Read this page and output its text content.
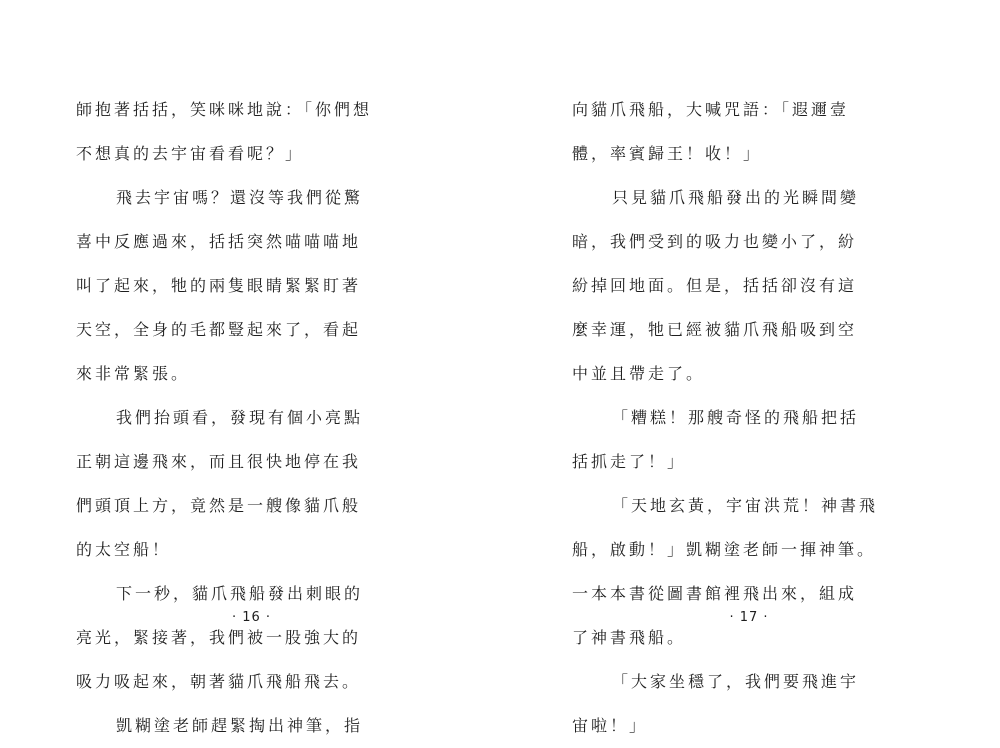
師抱著括括，笑咪咪地說：「你們想
不想真的去宇宙看看呢？」
飛去宇宙嗎？還沒等我們從驚
喜中反應過來，括括突然喵喵喵地
叫了起來，牠的兩隻眼睛緊緊盯著
天空，全身的毛都豎起來了，看起
來非常緊張。
我們抬頭看，發現有個小亮點
正朝這邊飛來，而且很快地停在我
們頭頂上方，竟然是一艘像貓爪般
的太空船！
下一秒，貓爪飛船發出刺眼的
亮光，緊接著，我們被一股強大的
吸力吸起來，朝著貓爪飛船飛去。
凱糊塗老師趕緊掏出神筆，指
· 16 ·
向貓爪飛船，大喊咒語：「遐邇壹
體，率賓歸王！收！」
只見貓爪飛船發出的光瞬間變
暗，我們受到的吸力也變小了，紛
紛掉回地面。但是，括括卻沒有這
麼幸運，牠已經被貓爪飛船吸到空
中並且帶走了。
「糟糕！那艘奇怪的飛船把括
括抓走了！」
「天地玄黃，宇宙洪荒！神書飛
船，啟動！」凱糊塗老師一揮神筆。
一本本書從圖書館裡飛出來，組成
了神書飛船。
「大家坐穩了，我們要飛進宇
宙啦！」
· 17 ·
